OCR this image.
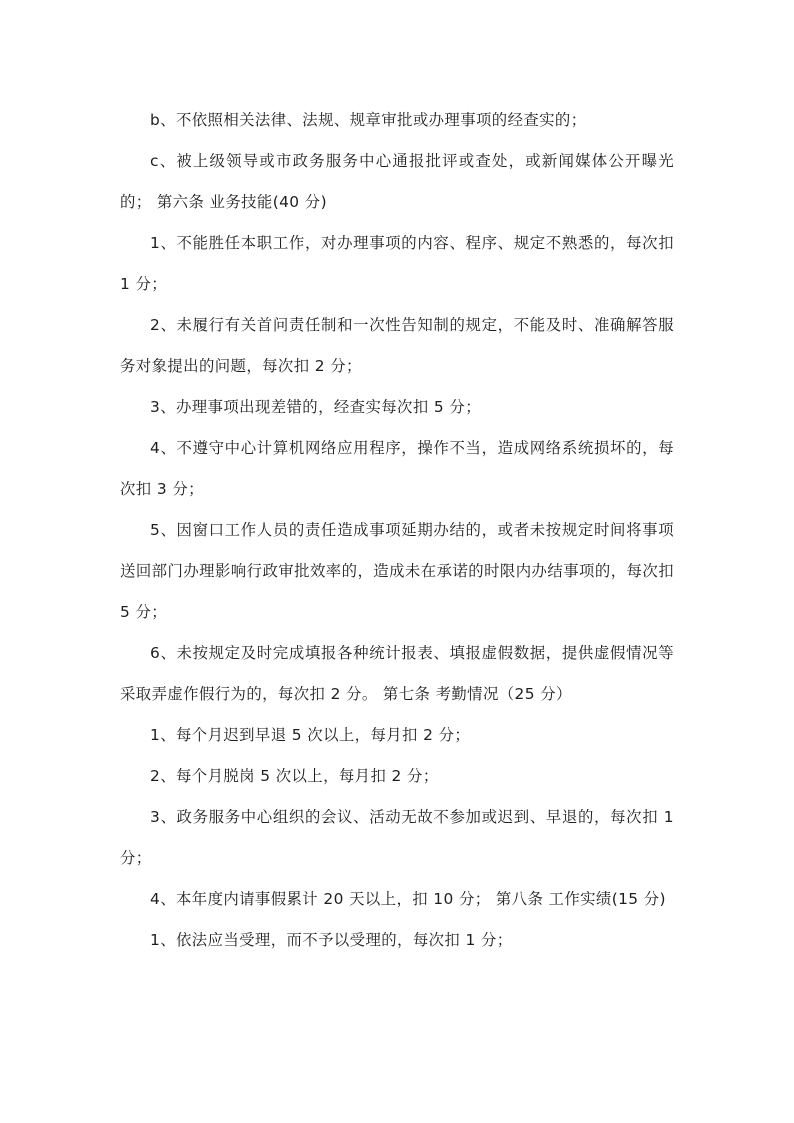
b、不依照相关法律、法规、规章审批或办理事项的经查实的；

c、被上级领导或市政务服务中心通报批评或查处，或新闻媒体公开曝光的； 第六条 业务技能(40 分)

1、不能胜任本职工作，对办理事项的内容、程序、规定不熟悉的，每次扣 1 分；

2、未履行有关首问责任制和一次性告知制的规定，不能及时、准确解答服务对象提出的问题，每次扣 2 分；

3、办理事项出现差错的，经查实每次扣 5 分；

4、不遵守中心计算机网络应用程序，操作不当，造成网络系统损坏的，每次扣 3 分；

5、因窗口工作人员的责任造成事项延期办结的，或者未按规定时间将事项送回部门办理影响行政审批效率的，造成未在承诺的时限内办结事项的，每次扣 5 分；

6、未按规定及时完成填报各种统计报表、填报虚假数据，提供虚假情况等采取弄虚作假行为的，每次扣 2 分。 第七条 考勤情况（25 分）

1、每个月迟到早退 5 次以上，每月扣 2 分；

2、每个月脱岗 5 次以上，每月扣 2 分；

3、政务服务中心组织的会议、活动无故不参加或迟到、早退的，每次扣 1 分；

4、本年度内请事假累计 20 天以上，扣 10 分； 第八条 工作实绩(15 分)

1、依法应当受理，而不予以受理的，每次扣 1 分；
